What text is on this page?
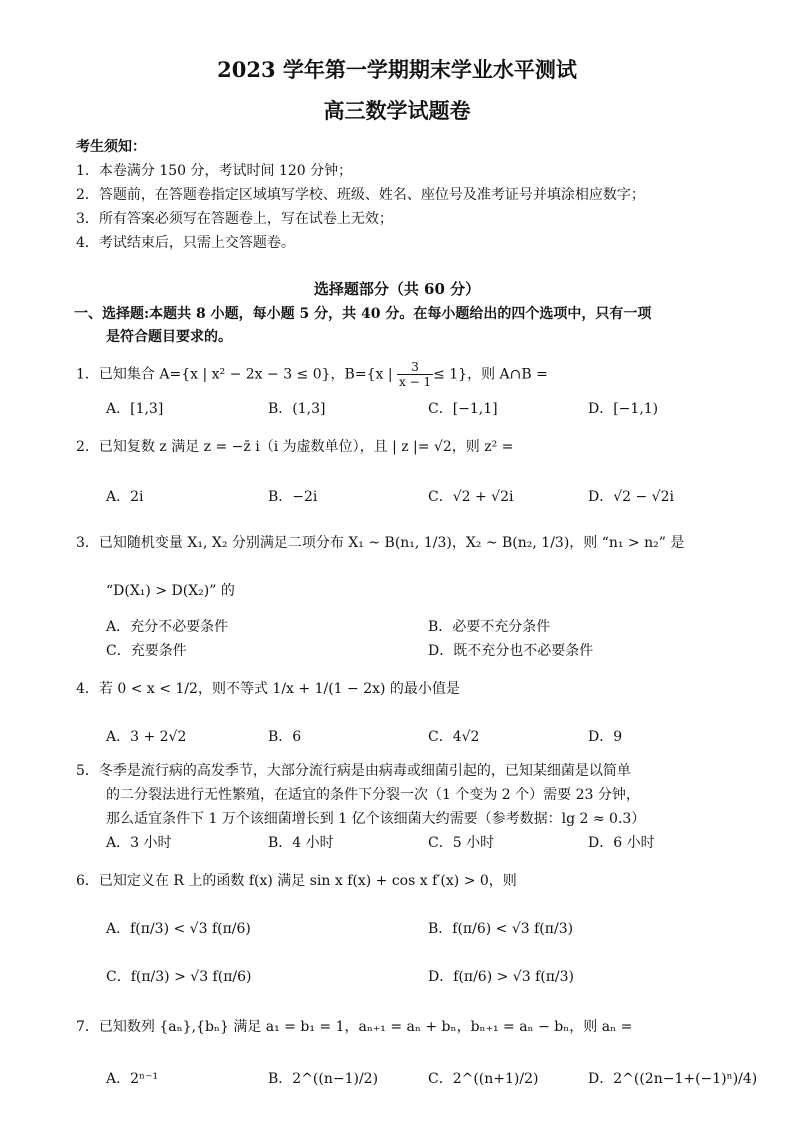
2023 学年第一学期期末学业水平测试
高三数学试题卷
考生须知：
1．本卷满分 150 分，考试时间 120 分钟；
2．答题前，在答题卷指定区域填写学校、班级、姓名、座位号及准考证号并填涂相应数字；
3．所有答案必须写在答题卷上，写在试卷上无效；
4．考试结束后，只需上交答题卷。
选择题部分（共 60 分）
一、选择题:本题共 8 小题，每小题 5 分，共 40 分。在每小题给出的四个选项中，只有一项
是符合题目要求的。
1．已知集合 A={x | x² − 2x − 3 ≤ 0}，B={x | $\frac{3}{x - 1} \le 1$}，则 A∩B =
A．[1,3]	B．(1,3]	C．[−1,1]	D．[−1,1)
2．已知复数 z 满足 z = −z̄ i（i 为虚数单位），且 | z |= √2，则 z² =
A．2i	B．−2i	C．√2 + √2i	D．√2 − √2i
3．已知随机变量 X₁, X₂ 分别满足二项分布 X₁ ~ B(n₁, 1/3)，X₂ ~ B(n₂, 1/3)，则 “n₁ > n₂” 是
“D(X₁) > D(X₂)” 的
A．充分不必要条件	B．必要不充分条件
C．充要条件	D．既不充分也不必要条件
4．若 0 < x < 1/2，则不等式 1/x + 1/(1 − 2x) 的最小值是
A．3 + 2√2	B．6	C．4√2	D．9
5．冬季是流行病的高发季节，大部分流行病是由病毒或细菌引起的，已知某细菌是以简单
的二分裂法进行无性繁殖，在适宜的条件下分裂一次（1 个变为 2 个）需要 23 分钟，
那么适宜条件下 1 万个该细菌增长到 1 亿个该细菌大约需要（参考数据：lg 2 ≈ 0.3）
A．3 小时	B．4 小时	C．5 小时	D．6 小时
6．已知定义在 R 上的函数 f(x) 满足 sin x f(x) + cos x f′(x) > 0，则
A．f(π/3) < √3 f(π/6)	B．f(π/6) < √3 f(π/3)
C．f(π/3) > √3 f(π/6)	D．f(π/6) > √3 f(π/3)
7．已知数列 {aₙ},{bₙ} 满足 a₁ = b₁ = 1，aₙ₊₁ = aₙ + bₙ，bₙ₊₁ = aₙ − bₙ，则 aₙ =
A．2ⁿ⁻¹	B．2^((n−1)/2)	C．2^((n+1)/2)	D．2^((2n−1+(−1)ⁿ)/4)
